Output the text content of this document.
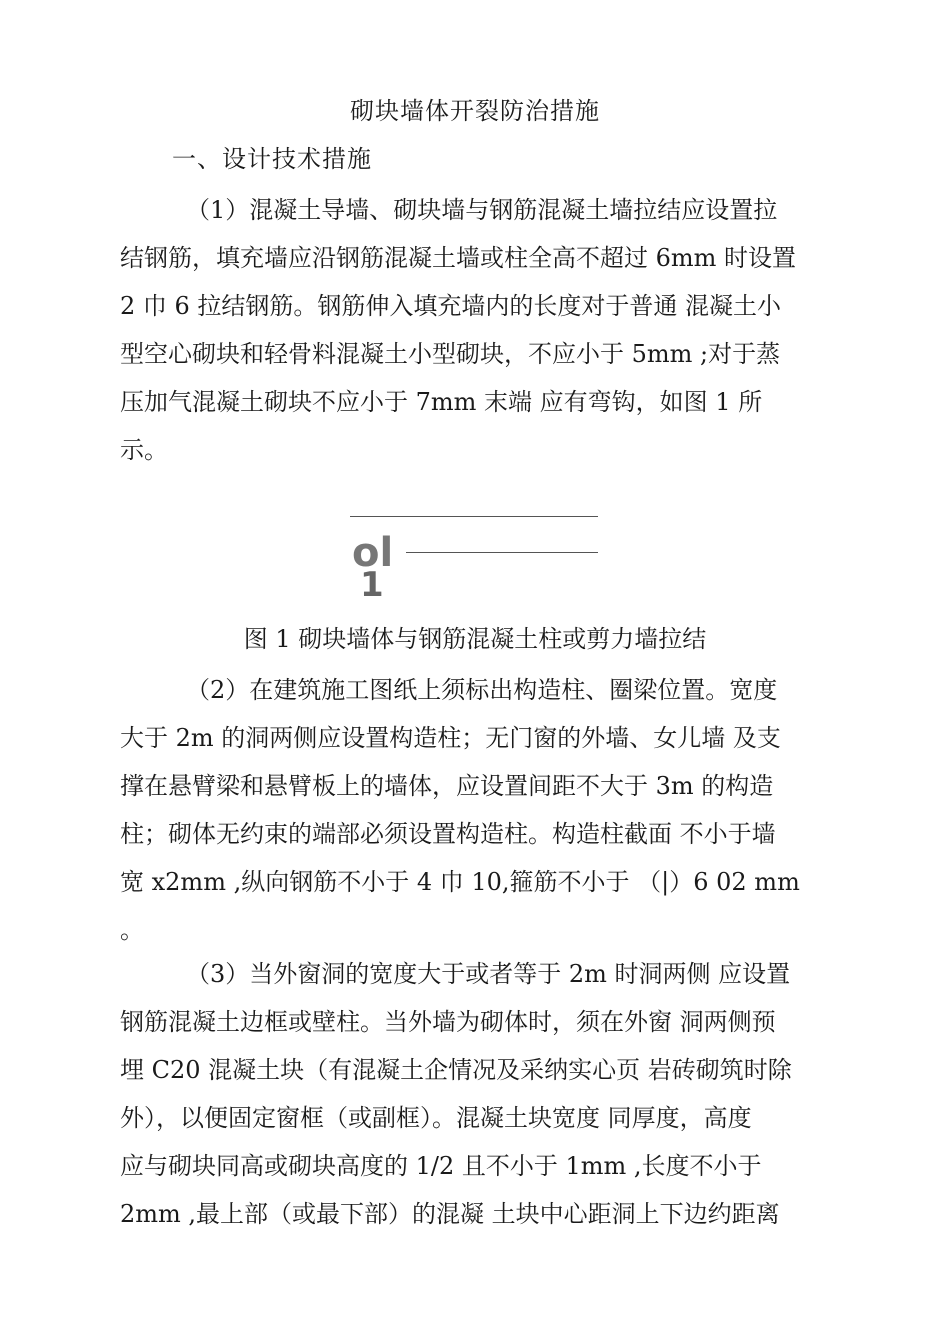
砌块墙体开裂防治措施
一、设计技术措施
（1）混凝土导墙、砌块墙与钢筋混凝土墙拉结应设置拉
结钢筋，填充墙应沿钢筋混凝土墙或柱全高不超过 6mm 时设置
2 巾 6 拉结钢筋。钢筋伸入填充墙内的长度对于普通 混凝土小
型空心砌块和轻骨料混凝土小型砌块，不应小于 5mm ;对于蒸
压加气混凝土砌块不应小于 7mm 末端 应有弯钩，如图 1 所
示。
ol
1
图 1 砌块墙体与钢筋混凝土柱或剪力墙拉结
（2）在建筑施工图纸上须标出构造柱、圈梁位置。宽度
大于 2m 的洞两侧应设置构造柱；无门窗的外墙、女儿墙 及支
撑在悬臂梁和悬臂板上的墙体，应设置间距不大于 3m 的构造
柱；砌体无约束的端部必须设置构造柱。构造柱截面 不小于墙
宽 x2mm ,纵向钢筋不小于 4 巾 10,箍筋不小于 （|）6 02 mm
。
（3）当外窗洞的宽度大于或者等于 2m 时洞两侧 应设置
钢筋混凝土边框或壁柱。当外墙为砌体时，须在外窗 洞两侧预
埋 C20 混凝土块（有混凝土企情况及采纳实心页 岩砖砌筑时除
外），以便固定窗框（或副框）。混凝土块宽度 同厚度，高度
应与砌块同高或砌块高度的 1/2 且不小于 1mm ,长度不小于
2mm ,最上部（或最下部）的混凝 土块中心距洞上下边约距离
